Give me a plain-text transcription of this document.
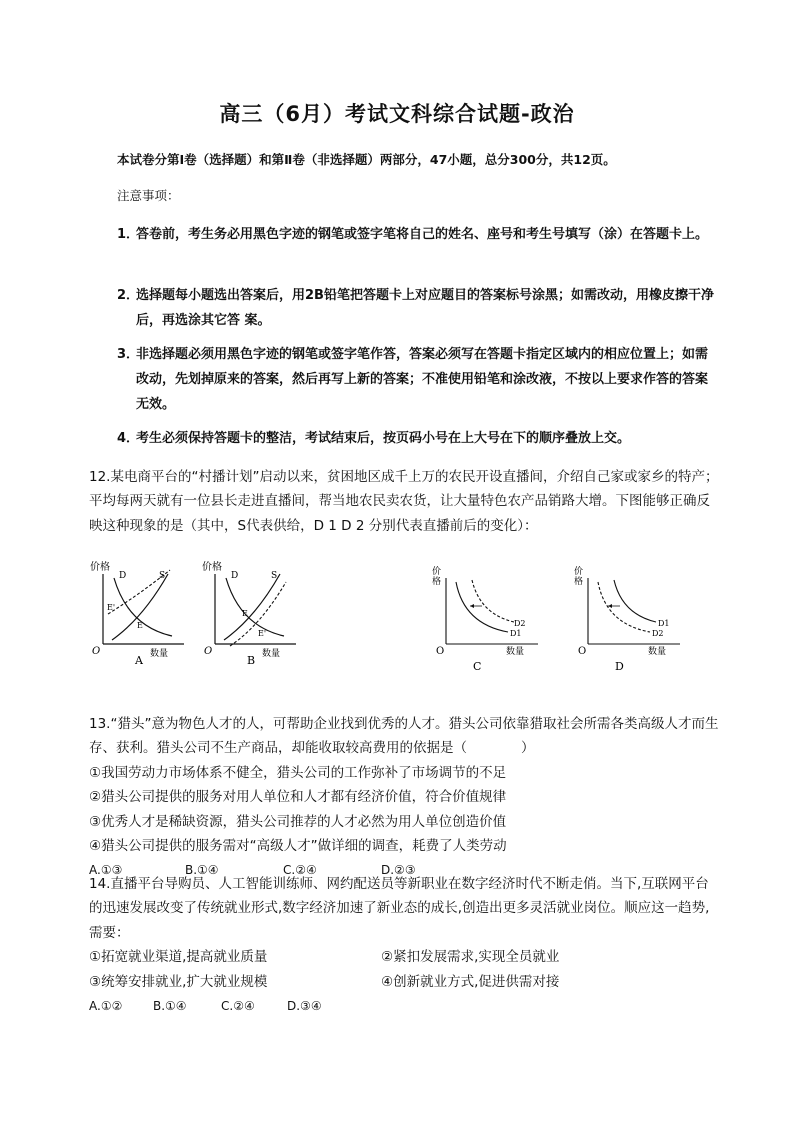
高三（6月）考试文科综合试题-政治
本试卷分第Ⅰ卷（选择题）和第Ⅱ卷（非选择题）两部分，47小题，总分300分，共12页。
注意事项：
1．
答卷前，考生务必用黑色字迹的钢笔或签字笔将自己的姓名、座号和考生号填写（涂）在答题卡上。
2．
选择题每小题选出答案后，用2B铅笔把答题卡上对应题目的答案标号涂黑；如需改动，用橡皮擦干净后，再选涂其它答 案。
3．
非选择题必须用黑色字迹的钢笔或签字笔作答，答案必须写在答题卡指定区域内的相应位置上；如需改动，先划掉原来的答案，然后再写上新的答案；不准使用铅笔和涂改液，不按以上要求作答的答案无效。
4．
考生必须保持答题卡的整洁，考试结束后，按页码小号在上大号在下的顺序叠放上交。

12.某电商平台的“村播计划”启动以来，贫困地区成千上万的农民开设直播间，介绍自己家或家乡的特产；平均每两天就有一位县长走进直播间，帮当地农民卖农货，让大量特色农产品销路大增。下图能够正确反映这种现象的是（其中，S代表供给，D 1 D 2 分别代表直播前后的变化）：

价格
D	S
E'
E
O	数量
A
价格
D	S
E
E'
O	数量
B
价
格
D2
D1
O	数量
C
价
格
D1
D2
O	数量
D

13.“猎头”意为物色人才的人，可帮助企业找到优秀的人才。猎头公司依靠猎取社会所需各类高级人才而生存、获利。猎头公司不生产商品，却能收取较高费用的依据是（　　　　）

①我国劳动力市场体系不健全，猎头公司的工作弥补了市场调节的不足

②猎头公司提供的服务对用人单位和人才都有经济价值，符合价值规律

③优秀人才是稀缺资源，猎头公司推荐的人才必然为用人单位创造价值

④猎头公司提供的服务需对“高级人才”做详细的调查，耗费了人类劳动

A.①③	B.①④	C.②④	D.②③

14.直播平台导购员、人工智能训练师、网约配送员等新职业在数字经济时代不断走俏。当下,互联网平台的迅速发展改变了传统就业形式,数字经济加速了新业态的成长,创造出更多灵活就业岗位。顺应这一趋势,需要：

①拓宽就业渠道,提高就业质量	②紧扣发展需求,实现全员就业
③统筹安排就业,扩大就业规模	④创新就业方式,促进供需对接
A.①②	B.①④	C.②④	D.③④
